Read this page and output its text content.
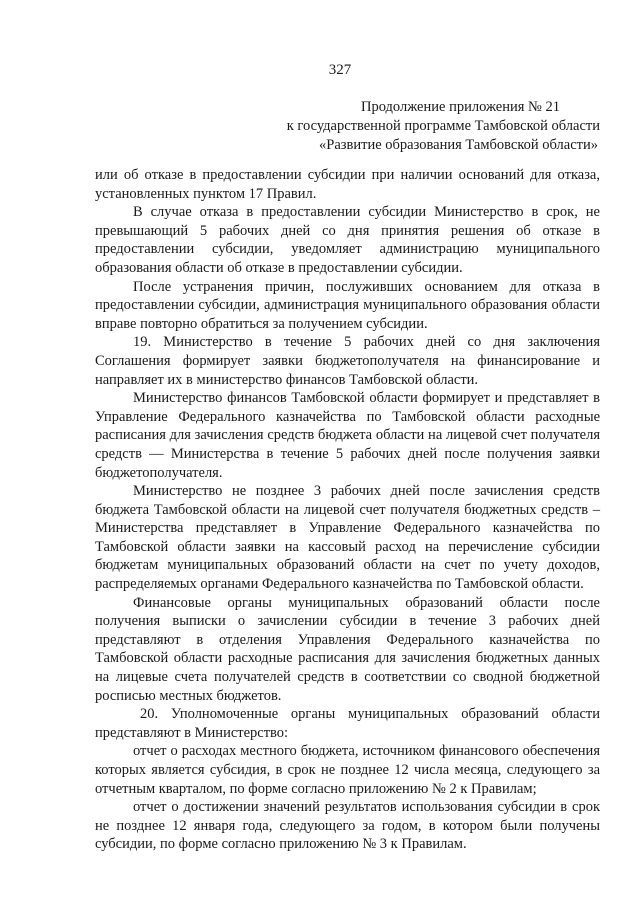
327
Продолжение приложения № 21
к государственной программе Тамбовской области
«Развитие образования Тамбовской области»

или об отказе в предоставлении субсидии при наличии оснований для отказа, установленных пунктом 17 Правил.

В случае отказа в предоставлении субсидии Министерство в срок, не превышающий 5 рабочих дней со дня принятия решения об отказе в предоставлении субсидии, уведомляет администрацию муниципального образования области об отказе в предоставлении субсидии.

После устранения причин, послуживших основанием для отказа в предоставлении субсидии, администрация муниципального образования области вправе повторно обратиться за получением субсидии.

19. Министерство в течение 5 рабочих дней со дня заключения Соглашения формирует заявки бюджетополучателя на финансирование и направляет их в министерство финансов Тамбовской области.

Министерство финансов Тамбовской области формирует и представляет в Управление Федерального казначейства по Тамбовской области расходные расписания для зачисления средств бюджета области на лицевой счет получателя средств — Министерства в течение 5 рабочих дней после получения заявки бюджетополучателя.

Министерство не позднее 3 рабочих дней после зачисления средств бюджета Тамбовской области на лицевой счет получателя бюджетных средств – Министерства представляет в Управление Федерального казначейства по Тамбовской области заявки на кассовый расход на перечисление субсидии бюджетам муниципальных образований области на счет по учету доходов, распределяемых органами Федерального казначейства по Тамбовской области.

Финансовые органы муниципальных образований области после получения выписки о зачислении субсидии в течение 3 рабочих дней представляют в отделения Управления Федерального казначейства по Тамбовской области расходные расписания для зачисления бюджетных данных на лицевые счета получателей средств в соответствии со сводной бюджетной росписью местных бюджетов.

20. Уполномоченные органы муниципальных образований области представляют в Министерство:

отчет о расходах местного бюджета, источником финансового обеспечения которых является субсидия, в срок не позднее 12 числа месяца, следующего за отчетным кварталом, по форме согласно приложению № 2 к Правилам;

отчет о достижении значений результатов использования субсидии в срок не позднее 12 января года, следующего за годом, в котором были получены субсидии, по форме согласно приложению № 3 к Правилам.
